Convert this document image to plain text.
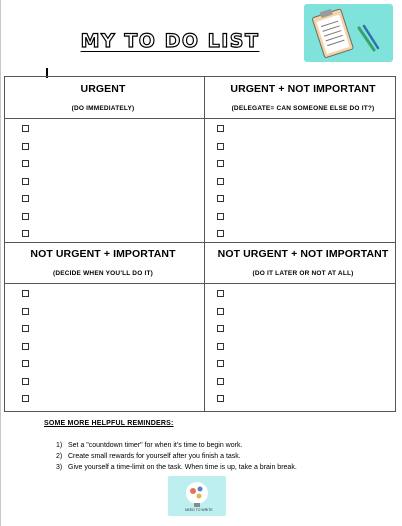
MY TO DO LIST
URGENT
(DO IMMEDIATELY)
URGENT + NOT IMPORTANT
(DELEGATE= CAN SOMEONE ELSE DO IT?)
NOT URGENT + IMPORTANT
(DECIDE WHEN YOU'LL DO IT)
NOT URGENT + NOT IMPORTANT
(DO IT LATER OR NOT AT ALL)
SOME MORE HELPFUL REMINDERS:
1) Set a "countdown timer" for when it's time to begin work.
2) Create small rewards for yourself after you finish a task.
3) Give yourself a time-limit on the task. When time is up, take a brain break.
NEED TO WRITE
